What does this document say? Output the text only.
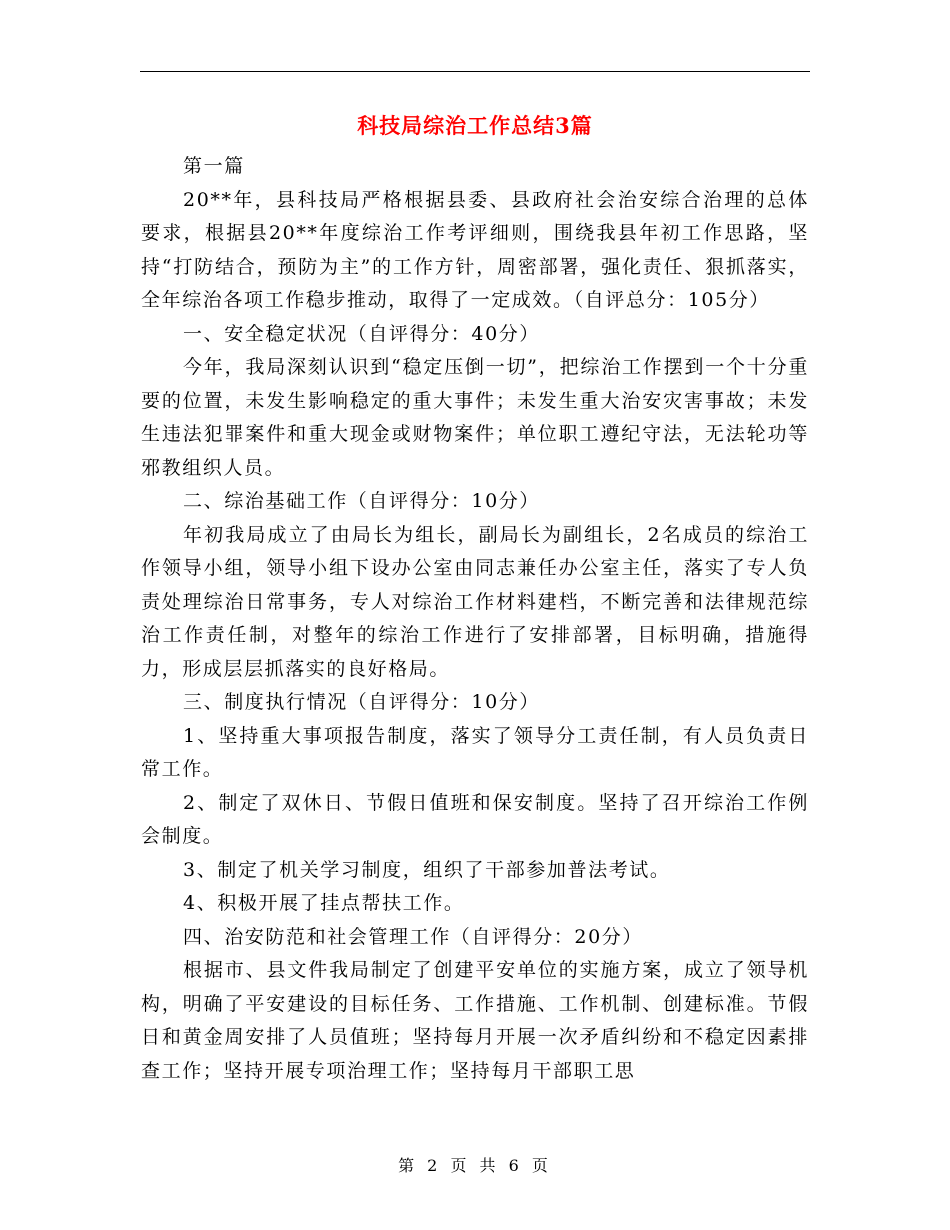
科技局综治工作总结3篇

第一篇

20**年，县科技局严格根据县委、县政府社会治安综合治理的总体要求，根据县20**年度综治工作考评细则，围绕我县年初工作思路，坚持“打防结合，预防为主”的工作方针，周密部署，强化责任、狠抓落实，全年综治各项工作稳步推动，取得了一定成效。（自评总分：105分）

一、安全稳定状况（自评得分：40分）

今年，我局深刻认识到“稳定压倒一切”，把综治工作摆到一个十分重要的位置，未发生影响稳定的重大事件；未发生重大治安灾害事故；未发生违法犯罪案件和重大现金或财物案件；单位职工遵纪守法，无法轮功等邪教组织人员。

二、综治基础工作（自评得分：10分）

年初我局成立了由局长为组长，副局长为副组长，2名成员的综治工作领导小组，领导小组下设办公室由同志兼任办公室主任，落实了专人负责处理综治日常事务，专人对综治工作材料建档，不断完善和法律规范综治工作责任制，对整年的综治工作进行了安排部署，目标明确，措施得力，形成层层抓落实的良好格局。

三、制度执行情况（自评得分：10分）

1、坚持重大事项报告制度，落实了领导分工责任制，有人员负责日常工作。

2、制定了双休日、节假日值班和保安制度。坚持了召开综治工作例会制度。

3、制定了机关学习制度，组织了干部参加普法考试。

4、积极开展了挂点帮扶工作。

四、治安防范和社会管理工作（自评得分：20分）

根据市、县文件我局制定了创建平安单位的实施方案，成立了领导机构，明确了平安建设的目标任务、工作措施、工作机制、创建标准。节假日和黄金周安排了人员值班；坚持每月开展一次矛盾纠纷和不稳定因素排查工作；坚持开展专项治理工作；坚持每月干部职工思

第 2 页 共 6 页
